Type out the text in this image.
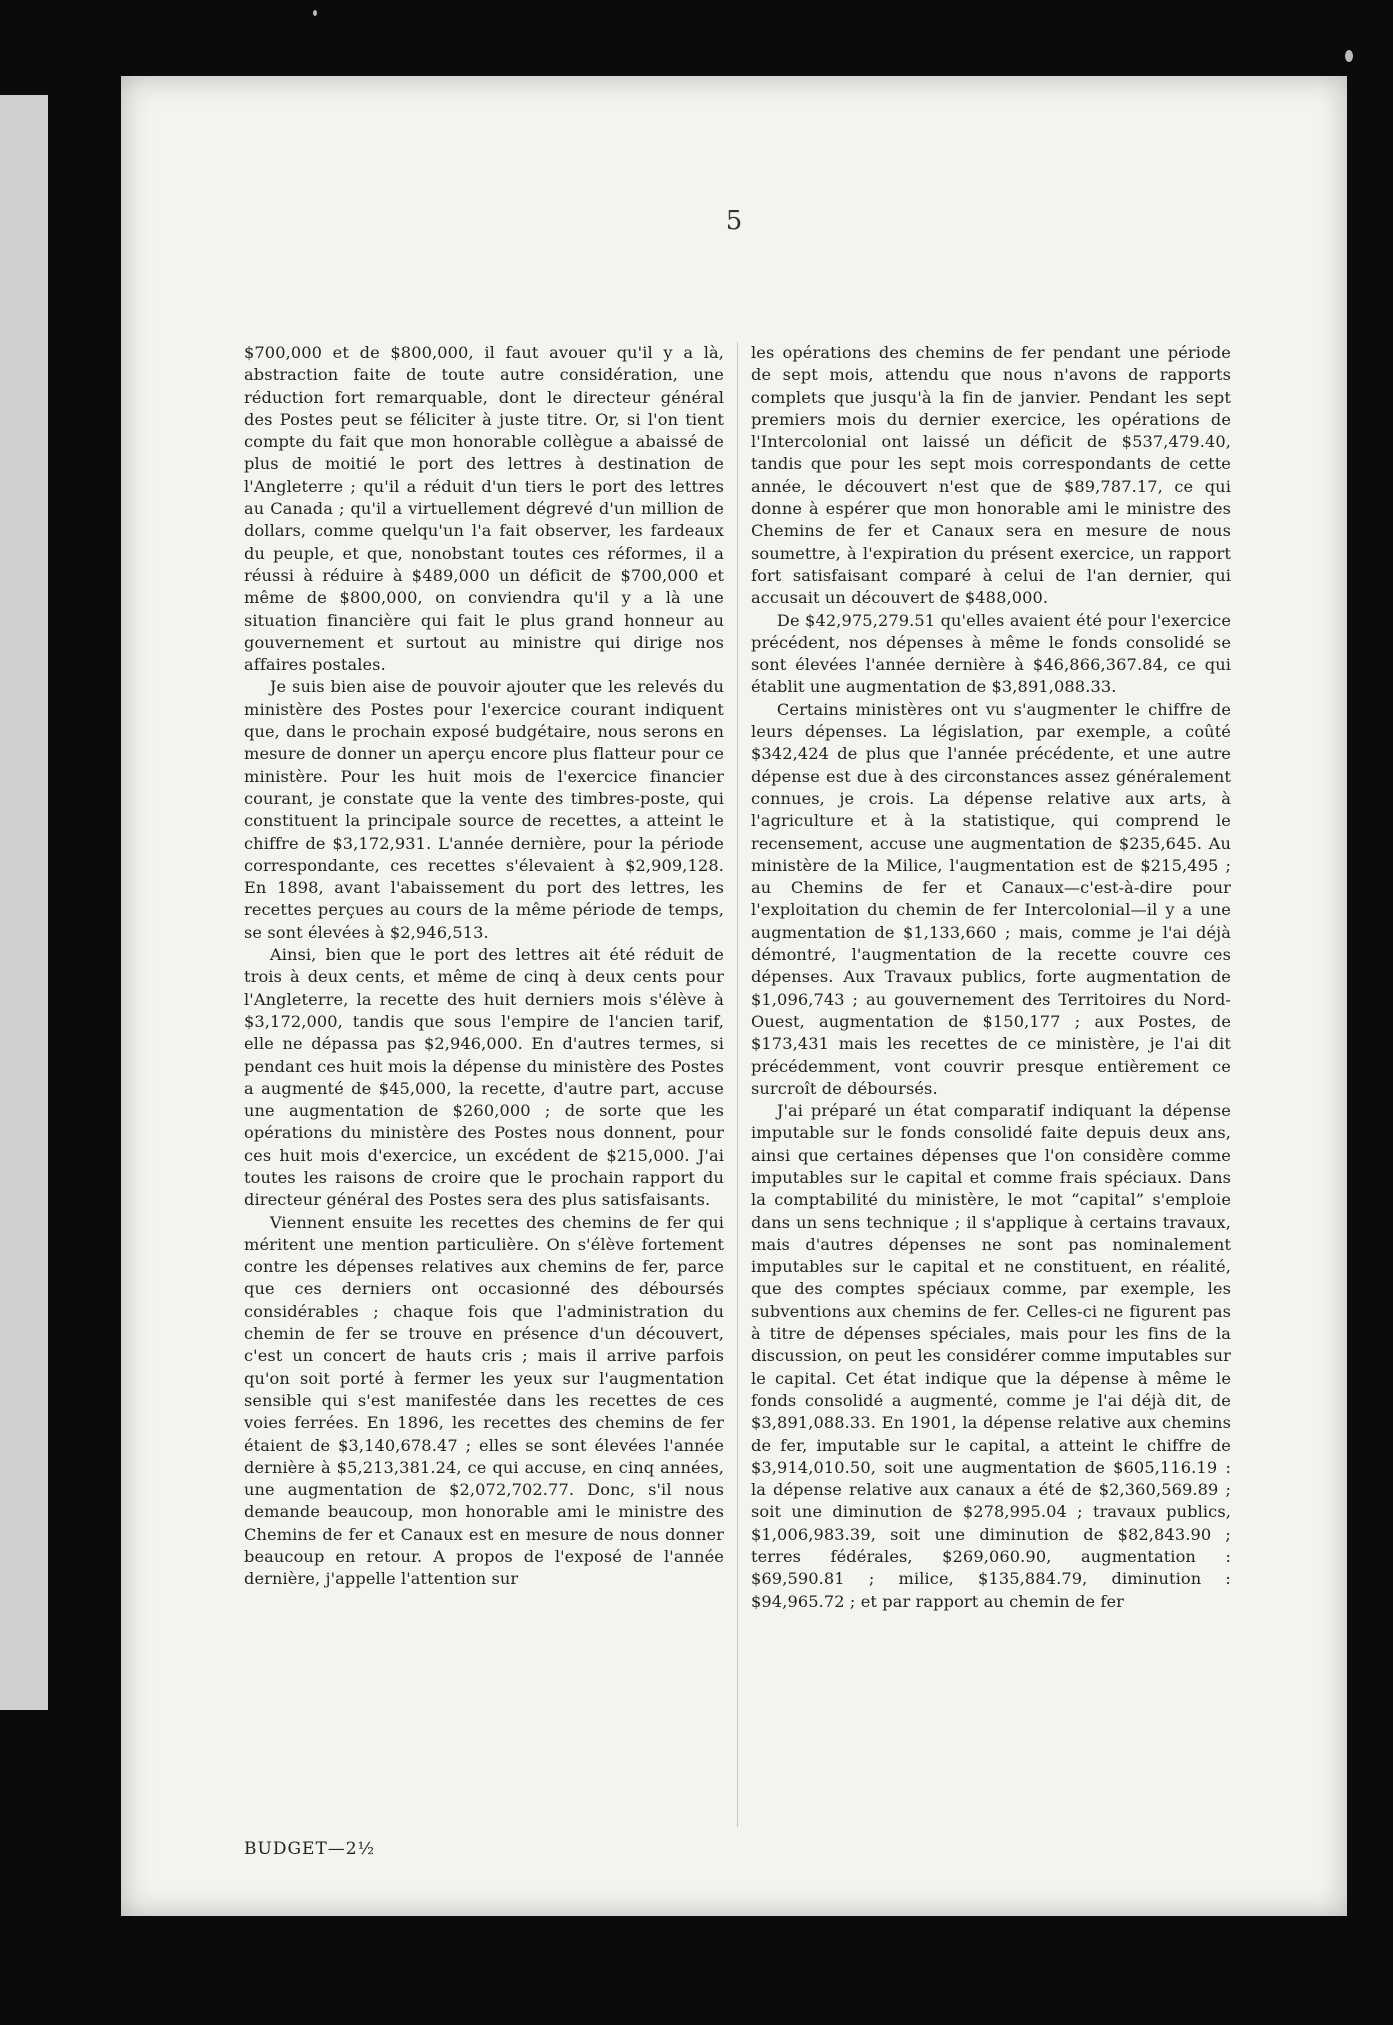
5

$700,000 et de $800,000, il faut avouer qu'il y a là, abstraction faite de toute autre considération, une réduction fort remarquable, dont le directeur général des Postes peut se féliciter à juste titre. Or, si l'on tient compte du fait que mon honorable collègue a abaissé de plus de moitié le port des lettres à destination de l'Angleterre ; qu'il a réduit d'un tiers le port des lettres au Canada ; qu'il a virtuellement dégrevé d'un million de dollars, comme quelqu'un l'a fait observer, les fardeaux du peuple, et que, nonobstant toutes ces réformes, il a réussi à réduire à $489,000 un déficit de $700,000 et même de $800,000, on conviendra qu'il y a là une situation financière qui fait le plus grand honneur au gouvernement et surtout au ministre qui dirige nos affaires postales.

Je suis bien aise de pouvoir ajouter que les relevés du ministère des Postes pour l'exercice courant indiquent que, dans le prochain exposé budgétaire, nous serons en mesure de donner un aperçu encore plus flatteur pour ce ministère. Pour les huit mois de l'exercice financier courant, je constate que la vente des timbres-poste, qui constituent la principale source de recettes, a atteint le chiffre de $3,172,931. L'année dernière, pour la période correspondante, ces recettes s'élevaient à $2,909,128. En 1898, avant l'abaissement du port des lettres, les recettes perçues au cours de la même période de temps, se sont élevées à $2,946,513.

Ainsi, bien que le port des lettres ait été réduit de trois à deux cents, et même de cinq à deux cents pour l'Angleterre, la recette des huit derniers mois s'élève à $3,172,000, tandis que sous l'empire de l'ancien tarif, elle ne dépassa pas $2,946,000. En d'autres termes, si pendant ces huit mois la dépense du ministère des Postes a augmenté de $45,000, la recette, d'autre part, accuse une augmentation de $260,000 ; de sorte que les opérations du ministère des Postes nous donnent, pour ces huit mois d'exercice, un excédent de $215,000. J'ai toutes les raisons de croire que le prochain rapport du directeur général des Postes sera des plus satisfaisants.

Viennent ensuite les recettes des chemins de fer qui méritent une mention particulière. On s'élève fortement contre les dépenses relatives aux chemins de fer, parce que ces derniers ont occasionné des déboursés considérables ; chaque fois que l'administration du chemin de fer se trouve en présence d'un découvert, c'est un concert de hauts cris ; mais il arrive parfois qu'on soit porté à fermer les yeux sur l'augmentation sensible qui s'est manifestée dans les recettes de ces voies ferrées. En 1896, les recettes des chemins de fer étaient de $3,140,678.47 ; elles se sont élevées l'année dernière à $5,213,381.24, ce qui accuse, en cinq années, une augmentation de $2,072,702.77. Donc, s'il nous demande beaucoup, mon honorable ami le ministre des Chemins de fer et Canaux est en mesure de nous donner beaucoup en retour. A propos de l'exposé de l'année dernière, j'appelle l'attention sur

les opérations des chemins de fer pendant une période de sept mois, attendu que nous n'avons de rapports complets que jusqu'à la fin de janvier. Pendant les sept premiers mois du dernier exercice, les opérations de l'Intercolonial ont laissé un déficit de $537,479.40, tandis que pour les sept mois correspondants de cette année, le découvert n'est que de $89,787.17, ce qui donne à espérer que mon honorable ami le ministre des Chemins de fer et Canaux sera en mesure de nous soumettre, à l'expiration du présent exercice, un rapport fort satisfaisant comparé à celui de l'an dernier, qui accusait un découvert de $488,000.

De $42,975,279.51 qu'elles avaient été pour l'exercice précédent, nos dépenses à même le fonds consolidé se sont élevées l'année dernière à $46,866,367.84, ce qui établit une augmentation de $3,891,088.33.

Certains ministères ont vu s'augmenter le chiffre de leurs dépenses. La législation, par exemple, a coûté $342,424 de plus que l'année précédente, et une autre dépense est due à des circonstances assez généralement connues, je crois. La dépense relative aux arts, à l'agriculture et à la statistique, qui comprend le recensement, accuse une augmentation de $235,645. Au ministère de la Milice, l'augmentation est de $215,495 ; au Chemins de fer et Canaux—c'est-à-dire pour l'exploitation du chemin de fer Intercolonial—il y a une augmentation de $1,133,660 ; mais, comme je l'ai déjà démontré, l'augmentation de la recette couvre ces dépenses. Aux Travaux publics, forte augmentation de $1,096,743 ; au gouvernement des Territoires du Nord-Ouest, augmentation de $150,177 ; aux Postes, de $173,431 mais les recettes de ce ministère, je l'ai dit précédemment, vont couvrir presque entièrement ce surcroît de déboursés.

J'ai préparé un état comparatif indiquant la dépense imputable sur le fonds consolidé faite depuis deux ans, ainsi que certaines dépenses que l'on considère comme imputables sur le capital et comme frais spéciaux. Dans la comptabilité du ministère, le mot “capital” s'emploie dans un sens technique ; il s'applique à certains travaux, mais d'autres dépenses ne sont pas nominalement imputables sur le capital et ne constituent, en réalité, que des comptes spéciaux comme, par exemple, les subventions aux chemins de fer. Celles-ci ne figurent pas à titre de dépenses spéciales, mais pour les fins de la discussion, on peut les considérer comme imputables sur le capital. Cet état indique que la dépense à même le fonds consolidé a augmenté, comme je l'ai déjà dit, de $3,891,088.33. En 1901, la dépense relative aux chemins de fer, imputable sur le capital, a atteint le chiffre de $3,914,010.50, soit une augmentation de $605,116.19 : la dépense relative aux canaux a été de $2,360,569.89 ; soit une diminution de $278,995.04 ; travaux publics, $1,006,983.39, soit une diminution de $82,843.90 ; terres fédérales, $269,060.90, augmentation : $69,590.81 ; milice, $135,884.79, diminution : $94,965.72 ; et par rapport au chemin de fer

BUDGET—2½
